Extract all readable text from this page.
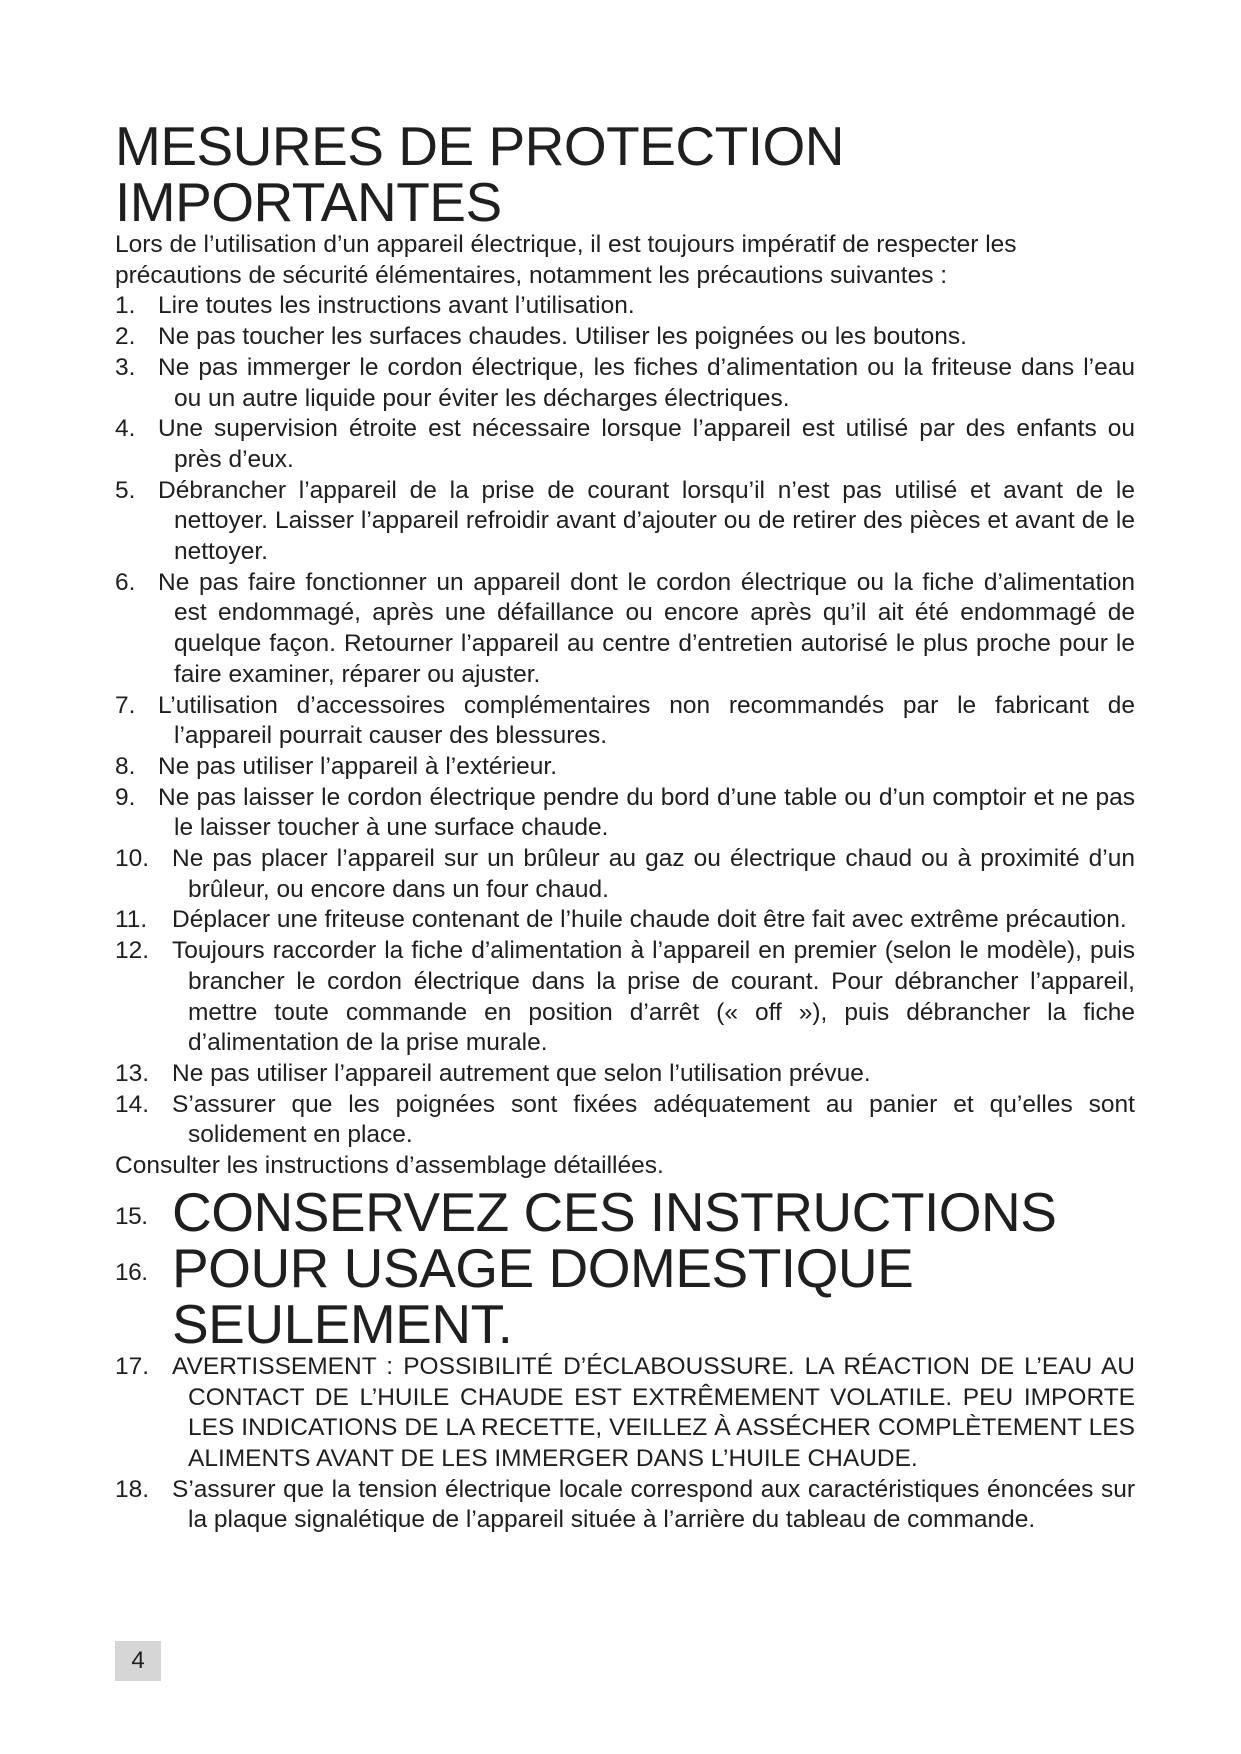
MESURES DE PROTECTION IMPORTANTES

Lors de l’utilisation d’un appareil électrique, il est toujours impératif de respecter les précautions de sécurité élémentaires, notamment les précautions suivantes :

1. Lire toutes les instructions avant l’utilisation.
2. Ne pas toucher les surfaces chaudes. Utiliser les poignées ou les boutons.
3. Ne pas immerger le cordon électrique, les fiches d’alimentation ou la friteuse dans l’eau ou un autre liquide pour éviter les décharges électriques.
4. Une supervision étroite est nécessaire lorsque l’appareil est utilisé par des enfants ou près d’eux.
5. Débrancher l’appareil de la prise de courant lorsqu’il n’est pas utilisé et avant de le nettoyer. Laisser l’appareil refroidir avant d’ajouter ou de retirer des pièces et avant de le nettoyer.
6. Ne pas faire fonctionner un appareil dont le cordon électrique ou la fiche d’alimentation est endommagé, après une défaillance ou encore après qu’il ait été endommagé de quelque façon. Retourner l’appareil au centre d’entretien autorisé le plus proche pour le faire examiner, réparer ou ajuster.
7. L’utilisation d’accessoires complémentaires non recommandés par le fabricant de l’appareil pourrait causer des blessures.
8. Ne pas utiliser l’appareil à l’extérieur.
9. Ne pas laisser le cordon électrique pendre du bord d’une table ou d’un comptoir et ne pas le laisser toucher à une surface chaude.
10. Ne pas placer l’appareil sur un brûleur au gaz ou électrique chaud ou à proximité d’un brûleur, ou encore dans un four chaud.
11. Déplacer une friteuse contenant de l’huile chaude doit être fait avec extrême précaution.
12. Toujours raccorder la fiche d’alimentation à l’appareil en premier (selon le modèle), puis brancher le cordon électrique dans la prise de courant. Pour débrancher l’appareil, mettre toute commande en position d’arrêt (« off »), puis débrancher la fiche d’alimentation de la prise murale.
13. Ne pas utiliser l’appareil autrement que selon l’utilisation prévue.
14. S’assurer que les poignées sont fixées adéquatement au panier et qu’elles sont solidement en place.

Consulter les instructions d’assemblage détaillées.

15. CONSERVEZ CES INSTRUCTIONS
16. POUR USAGE DOMESTIQUE SEULEMENT.
17. AVERTISSEMENT : POSSIBILITÉ D’ÉCLABOUSSURE. LA RÉACTION DE L’EAU AU CONTACT DE L’HUILE CHAUDE EST EXTRÊMEMENT VOLATILE. PEU IMPORTE LES INDICATIONS DE LA RECETTE, VEILLEZ À ASSÉCHER COMPLÈTEMENT LES ALIMENTS AVANT DE LES IMMERGER DANS L’HUILE CHAUDE.
18. S’assurer que la tension électrique locale correspond aux caractéristiques énoncées sur la plaque signalétique de l’appareil située à l’arrière du tableau de commande.
4
